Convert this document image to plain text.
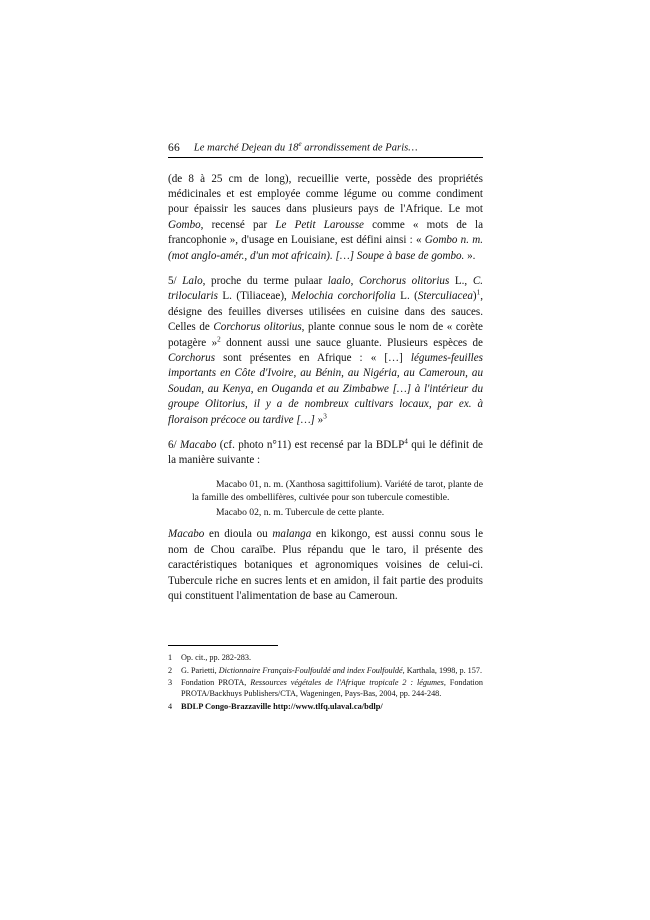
66 Le marché Dejean du 18e arrondissement de Paris…

(de 8 à 25 cm de long), recueillie verte, possède des propriétés médicinales et est employée comme légume ou comme condiment pour épaissir les sauces dans plusieurs pays de l'Afrique. Le mot Gombo, recensé par Le Petit Larousse comme « mots de la francophonie », d'usage en Louisiane, est défini ainsi : « Gombo n. m. (mot anglo-amér., d'un mot africain). […] Soupe à base de gombo. ».

5/ Lalo, proche du terme pulaar laalo, Corchorus olitorius L., C. trilocularis L. (Tiliaceae), Melochia corchorifolia L. (Sterculiacea)$^1$, désigne des feuilles diverses utilisées en cuisine dans des sauces. Celles de Corchorus olitorius, plante connue sous le nom de « corète potagère »$^2$ donnent aussi une sauce gluante. Plusieurs espèces de Corchorus sont présentes en Afrique : « […] légumes-feuilles importants en Côte d'Ivoire, au Bénin, au Nigéria, au Cameroun, au Soudan, au Kenya, en Ouganda et au Zimbabwe […] à l'intérieur du groupe Olitorius, il y a de nombreux cultivars locaux, par ex. à floraison précoce ou tardive […] »$^3$

6/ Macabo (cf. photo n°11) est recensé par la BDLP$^4$ qui le définit de la manière suivante :

Macabo 01, n. m. (Xanthosa sagittifolium). Variété de tarot, plante de la famille des ombellifères, cultivée pour son tubercule comestible.
Macabo 02, n. m. Tubercule de cette plante.

Macabo en dioula ou malanga en kikongo, est aussi connu sous le nom de Chou caraïbe. Plus répandu que le taro, il présente des caractéristiques botaniques et agronomiques voisines de celui-ci. Tubercule riche en sucres lents et en amidon, il fait partie des produits qui constituent l'alimentation de base au Cameroun.

1	Op. cit., pp. 282-283.
2	G. Parietti, Dictionnaire Français-Foulfouldé and index Foulfouldé, Karthala, 1998, p. 157.
3	Fondation PROTA, Ressources végétales de l'Afrique tropicale 2 : légumes, Fondation PROTA/Backhuys Publishers/CTA, Wageningen, Pays-Bas, 2004, pp. 244-248.
4	BDLP Congo-Brazzaville http://www.tlfq.ulaval.ca/bdlp/
